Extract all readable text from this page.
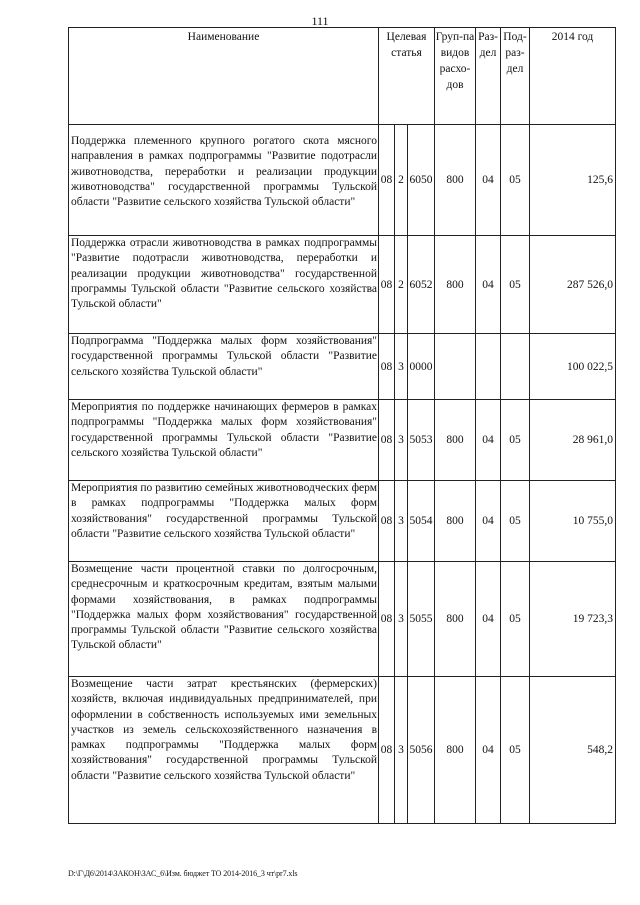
111
Наименование	Целевая статья			Груп-па видов расхо-дов	Раз-дел	Под-раз-дел	2014 год
Поддержка племенного крупного рогатого скота мясного направления в рамках подпрограммы "Развитие подотрасли животноводства, переработки и реализации продукции животноводства" государственной программы Тульской области "Развитие сельского хозяйства Тульской области"	08	2	6050	800	04	05	125,6
Поддержка отрасли животноводства в рамках подпрограммы "Развитие подотрасли животноводства, переработки и реализации продукции животноводства" государственной программы Тульской области "Развитие сельского хозяйства Тульской области"	08	2	6052	800	04	05	287 526,0
Подпрограмма "Поддержка малых форм хозяйствования" государственной программы Тульской области "Развитие сельского хозяйства Тульской области"	08	3	0000				100 022,5
Мероприятия по поддержке начинающих фермеров в рамках подпрограммы "Поддержка малых форм хозяйствования" государственной программы Тульской области "Развитие сельского хозяйства Тульской области"	08	3	5053	800	04	05	28 961,0
Мероприятия по развитию семейных животноводческих ферм в рамках подпрограммы "Поддержка малых форм хозяйствования" государственной программы Тульской области "Развитие сельского хозяйства Тульской области"	08	3	5054	800	04	05	10 755,0
Возмещение части процентной ставки по долгосрочным, среднесрочным и краткосрочным кредитам, взятым малыми формами хозяйствования, в рамках подпрограммы "Поддержка малых форм хозяйствования" государственной программы Тульской области "Развитие сельского хозяйства Тульской области"	08	3	5055	800	04	05	19 723,3
Возмещение части затрат крестьянских (фермерских) хозяйств, включая индивидуальных предпринимателей, при оформлении в собственность используемых ими земельных участков из земель сельскохозяйственного назначения в рамках подпрограммы "Поддержка малых форм хозяйствования" государственной программы Тульской области "Развитие сельского хозяйства Тульской области"	08	3	5056	800	04	05	548,2
D:\Г\Д6\2014\ЗАКОН\ЗАС_6\Изм. бюджет ТО 2014-2016_3 чт\pr7.xls
